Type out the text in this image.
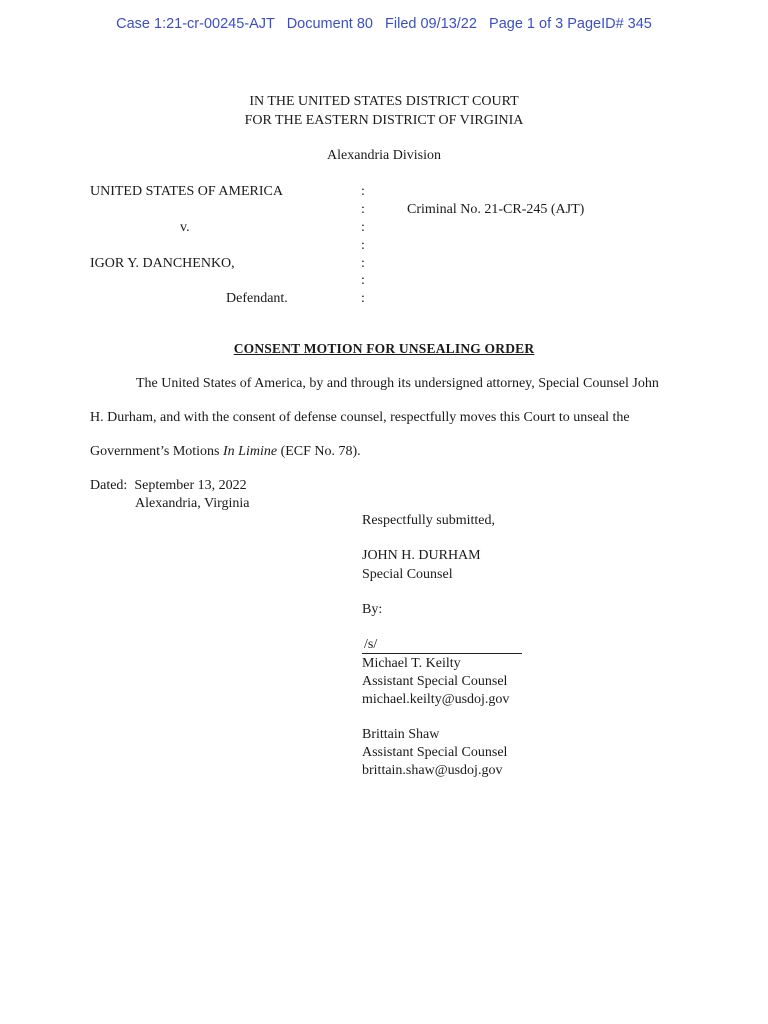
Case 1:21-cr-00245-AJT   Document 80   Filed 09/13/22   Page 1 of 3 PageID# 345
IN THE UNITED STATES DISTRICT COURT
FOR THE EASTERN DISTRICT OF VIRGINIA
Alexandria Division
UNITED STATES OF AMERICA
v.
IGOR Y. DANCHENKO,
Defendant.
Criminal No. 21-CR-245 (AJT)
:
:
:
:
:
:
:
CONSENT MOTION FOR UNSEALING ORDER
The United States of America, by and through its undersigned attorney, Special Counsel John
H. Durham, and with the consent of defense counsel, respectfully moves this Court to unseal the
Government’s Motions In Limine (ECF No. 78).
Dated:  September 13, 2022
Alexandria, Virginia
Respectfully submitted,
JOHN H. DURHAM
Special Counsel
By:
/s/
Michael T. Keilty
Assistant Special Counsel
michael.keilty@usdoj.gov
Brittain Shaw
Assistant Special Counsel
brittain.shaw@usdoj.gov
